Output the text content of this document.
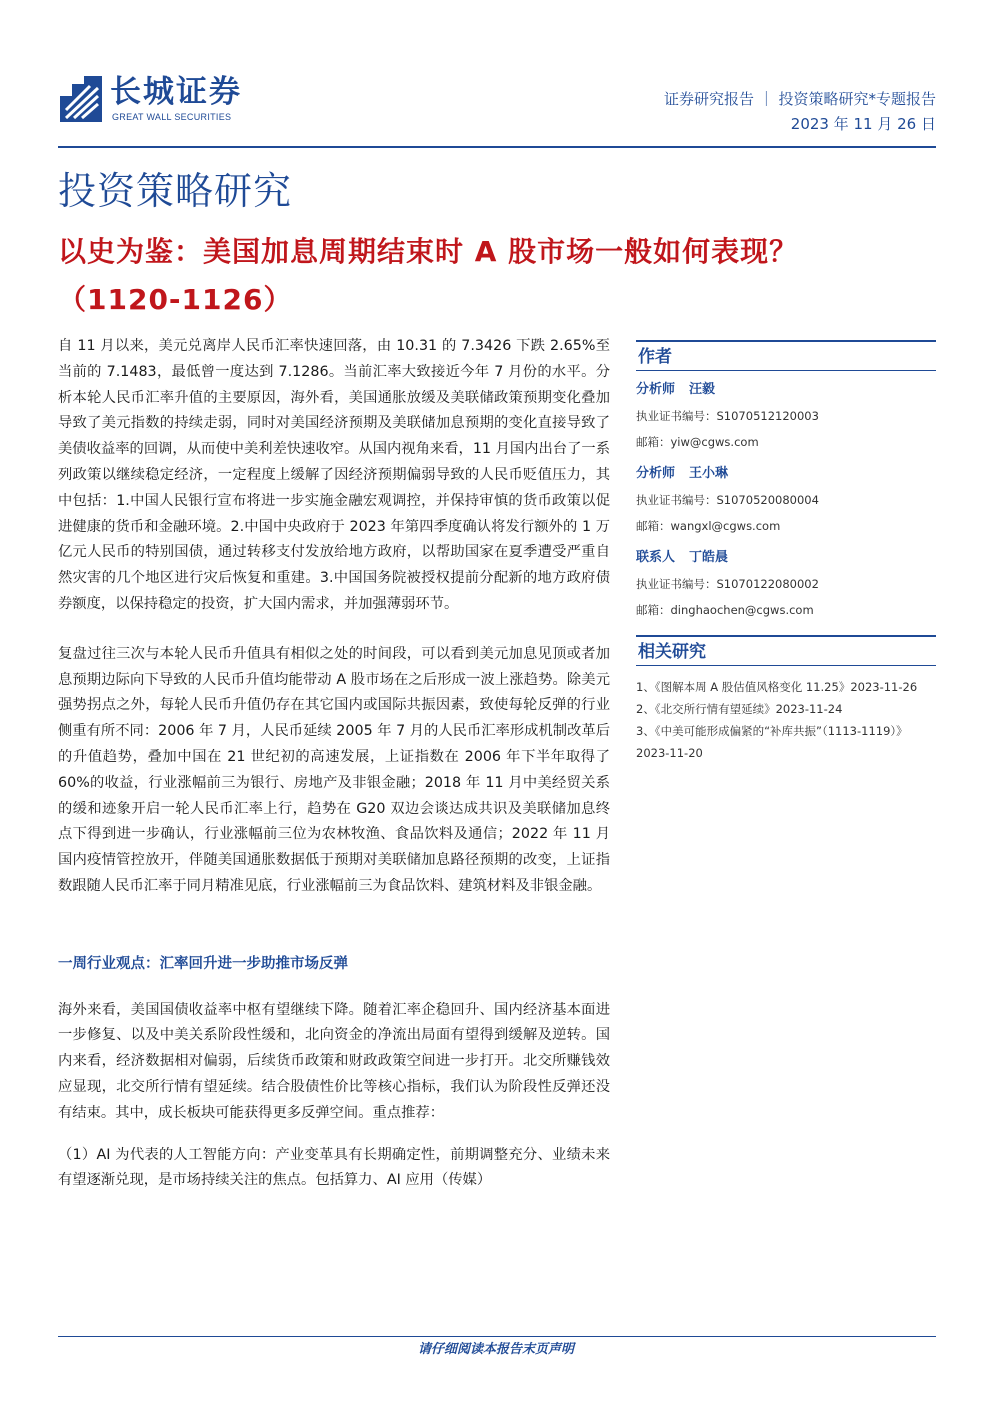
长城证券
GREAT WALL SECURITIES
证券研究报告 ｜ 投资策略研究*专题报告
2023 年 11 月 26 日
投资策略研究
以史为鉴：美国加息周期结束时 A 股市场一般如何表现？
（1120-1126）

自 11 月以来，美元兑离岸人民币汇率快速回落，由 10.31 的 7.3426 下跌 2.65%至当前的 7.1483，最低曾一度达到 7.1286。当前汇率大致接近今年 7 月份的水平。分析本轮人民币汇率升值的主要原因，海外看，美国通胀放缓及美联储政策预期变化叠加导致了美元指数的持续走弱，同时对美国经济预期及美联储加息预期的变化直接导致了美债收益率的回调，从而使中美利差快速收窄。从国内视角来看，11 月国内出台了一系列政策以继续稳定经济，一定程度上缓解了因经济预期偏弱导致的人民币贬值压力，其中包括：1.中国人民银行宣布将进一步实施金融宏观调控，并保持审慎的货币政策以促进健康的货币和金融环境。2.中国中央政府于 2023 年第四季度确认将发行额外的 1 万亿元人民币的特别国债，通过转移支付发放给地方政府，以帮助国家在夏季遭受严重自然灾害的几个地区进行灾后恢复和重建。3.中国国务院被授权提前分配新的地方政府债券额度，以保持稳定的投资，扩大国内需求，并加强薄弱环节。

复盘过往三次与本轮人民币升值具有相似之处的时间段，可以看到美元加息见顶或者加息预期边际向下导致的人民币升值均能带动 A 股市场在之后形成一波上涨趋势。除美元强势拐点之外，每轮人民币升值仍存在其它国内或国际共振因素，致使每轮反弹的行业侧重有所不同：2006 年 7 月，人民币延续 2005 年 7 月的人民币汇率形成机制改革后的升值趋势，叠加中国在 21 世纪初的高速发展，上证指数在 2006 年下半年取得了 60%的收益，行业涨幅前三为银行、房地产及非银金融；2018 年 11 月中美经贸关系的缓和迹象开启一轮人民币汇率上行，趋势在 G20 双边会谈达成共识及美联储加息终点下得到进一步确认，行业涨幅前三位为农林牧渔、食品饮料及通信；2022 年 11 月国内疫情管控放开，伴随美国通胀数据低于预期对美联储加息路径预期的改变，上证指数跟随人民币汇率于同月精准见底，行业涨幅前三为食品饮料、建筑材料及非银金融。

一周行业观点：汇率回升进一步助推市场反弹

海外来看，美国国债收益率中枢有望继续下降。随着汇率企稳回升、国内经济基本面进一步修复、以及中美关系阶段性缓和，北向资金的净流出局面有望得到缓解及逆转。国内来看，经济数据相对偏弱，后续货币政策和财政政策空间进一步打开。北交所赚钱效应显现，北交所行情有望延续。结合股债性价比等核心指标，我们认为阶段性反弹还没有结束。其中，成长板块可能获得更多反弹空间。重点推荐：

（1）AI 为代表的人工智能方向：产业变革具有长期确定性，前期调整充分、业绩未来有望逐渐兑现，是市场持续关注的焦点。包括算力、AI 应用（传媒）

作者
分析师 汪毅
执业证书编号：S1070512120003
邮箱：yiw@cgws.com
分析师 王小琳
执业证书编号：S1070520080004
邮箱：wangxl@cgws.com
联系人 丁皓晨
执业证书编号：S1070122080002
邮箱：dinghaochen@cgws.com
相关研究
1、《图解本周 A 股估值风格变化 11.25》2023-11-26
2、《北交所行情有望延续》2023-11-24
3、《中美可能形成偏紧的“补库共振”（1113-1119）》
2023-11-20
请仔细阅读本报告末页声明
